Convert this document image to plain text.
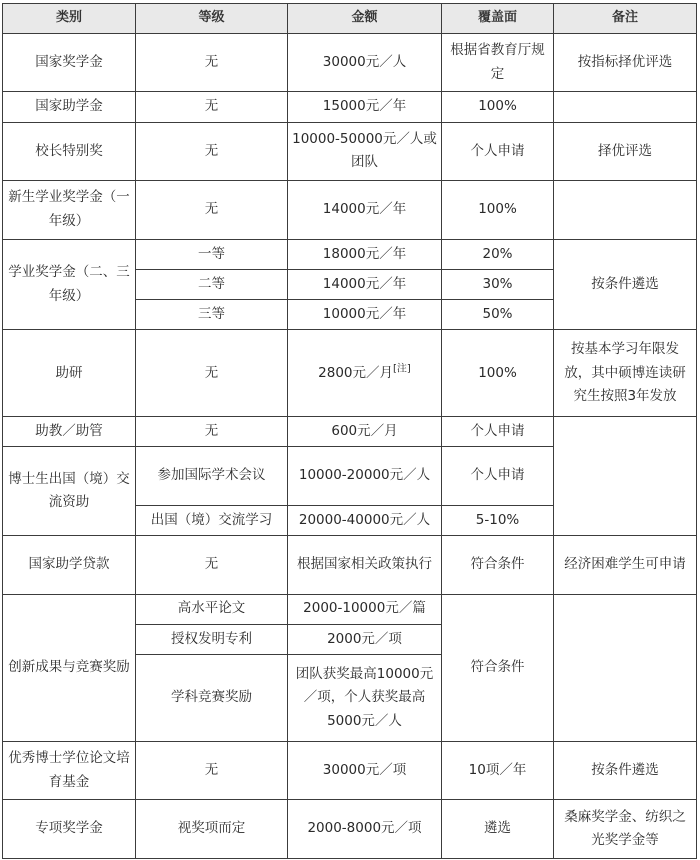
类别	等级	金额	覆盖面	备注
国家奖学金	无	30000元／人	根据省教育厅规定	按指标择优评选
国家助学金	无	15000元／年	100%	
校长特别奖	无	10000-50000元／人或团队	个人申请	择优评选
新生学业奖学金（一年级）	无	14000元／年	100%	
学业奖学金（二、三年级）	一等	18000元／年	20%	按条件遴选
	二等	14000元／年	30%	
	三等	10000元／年	50%	
助研	无	2800元／月[注]	100%	按基本学习年限发放，其中硕博连读研究生按照3年发放
助教／助管	无	600元／月	个人申请	
博士生出国（境）交流资助	参加国际学术会议	10000-20000元／人	个人申请	
	出国（境）交流学习	20000-40000元／人	5-10%	
国家助学贷款	无	根据国家相关政策执行	符合条件	经济困难学生可申请
创新成果与竞赛奖励	高水平论文	2000-10000元／篇	符合条件	
	授权发明专利	2000元／项		
	学科竞赛奖励	团队获奖最高10000元／项，个人获奖最高5000元／人		
优秀博士学位论文培育基金	无	30000元／项	10项／年	按条件遴选
专项奖学金	视奖项而定	2000-8000元／项	遴选	桑麻奖学金、纺织之光奖学金等
